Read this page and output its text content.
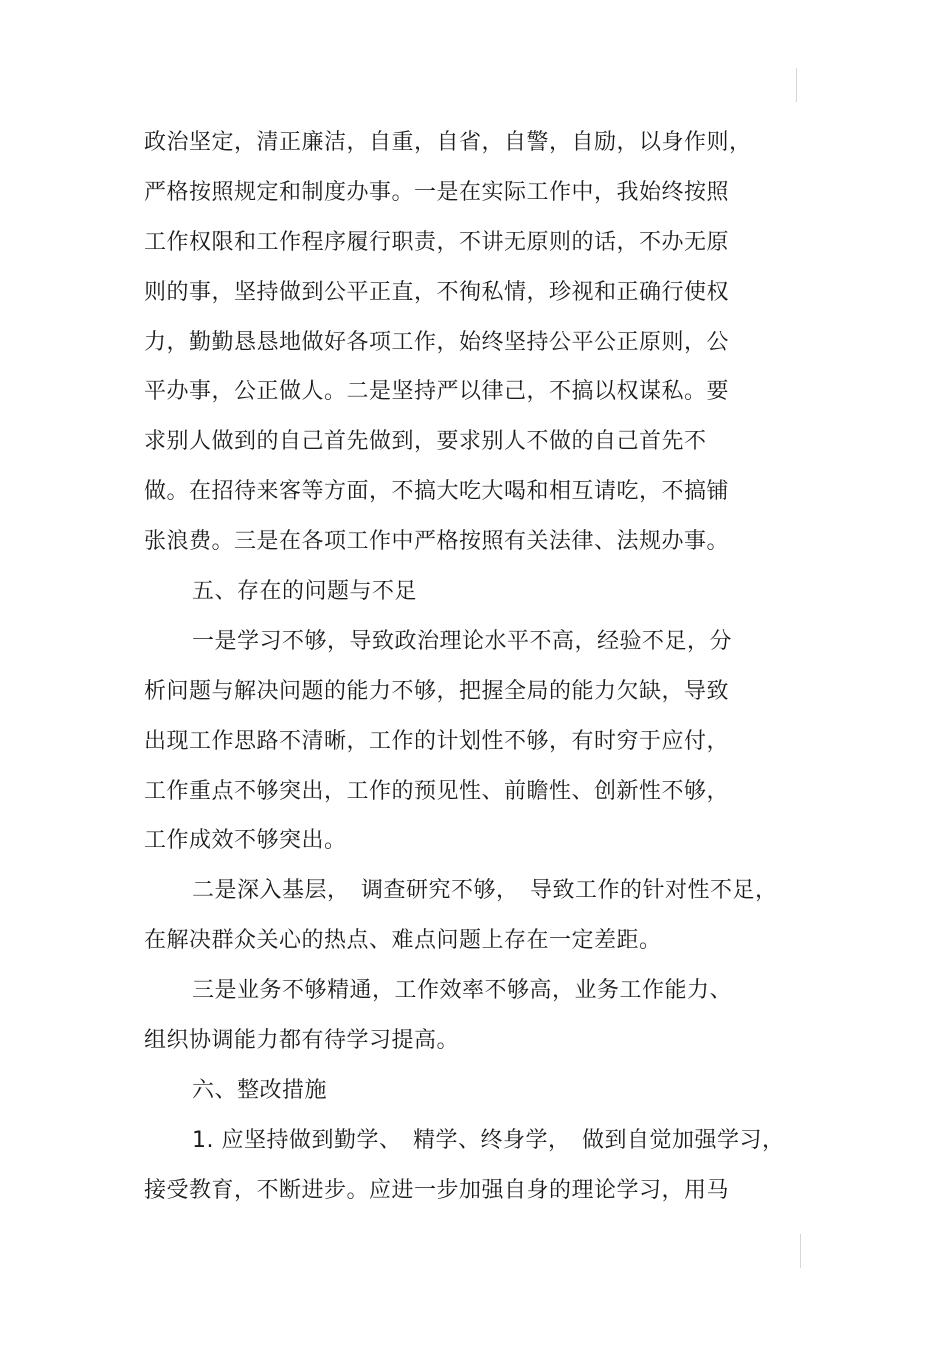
政治坚定，清正廉洁，自重，自省，自警，自励，以身作则，
严格按照规定和制度办事。一是在实际工作中，我始终按照
工作权限和工作程序履行职责，不讲无原则的话，不办无原
则的事，坚持做到公平正直，不徇私情，珍视和正确行使权
力，勤勤恳恳地做好各项工作，始终坚持公平公正原则，公
平办事，公正做人。二是坚持严以律己，不搞以权谋私。要
求别人做到的自己首先做到，要求别人不做的自己首先不
做。在招待来客等方面，不搞大吃大喝和相互请吃，不搞铺
张浪费。三是在各项工作中严格按照有关法律、法规办事。
五、存在的问题与不足
一是学习不够，导致政治理论水平不高，经验不足，分
析问题与解决问题的能力不够，把握全局的能力欠缺，导致
出现工作思路不清晰，工作的计划性不够，有时穷于应付，
工作重点不够突出，工作的预见性、前瞻性、创新性不够，
工作成效不够突出。
二是深入基层，　调查研究不够，　导致工作的针对性不足，
在解决群众关心的热点、难点问题上存在一定差距。
三是业务不够精通，工作效率不够高，业务工作能力、
组织协调能力都有待学习提高。
六、整改措施
1. 应坚持做到勤学、　精学、终身学，　做到自觉加强学习，
接受教育，不断进步。应进一步加强自身的理论学习，用马
